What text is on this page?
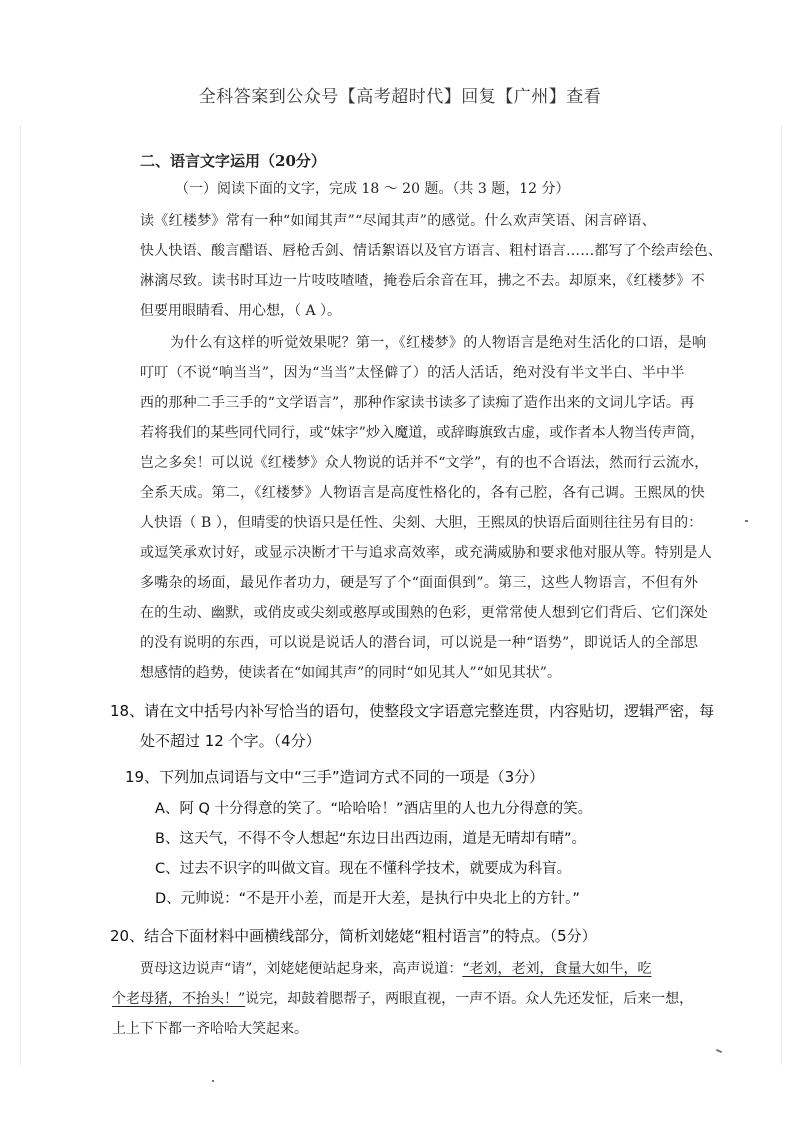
全科答案到公众号【高考超时代】回复【广州】查看
二、语言文字运用（20分）
（一）阅读下面的文字，完成 18 ～ 20 题。（共 3 题，12 分）
读《红楼梦》常有一种“如闻其声”“尽闻其声”的感觉。什么欢声笑语、闲言碎语、
快人快语、酸言醋语、唇枪舌剑、情话絮语以及官方语言、粗村语言……都写了个绘声绘色、
淋漓尽致。读书时耳边一片吱吱喳喳，掩卷后余音在耳，拂之不去。却原来，《红楼梦》不
但要用眼睛看、用心想，（ A ）。
为什么有这样的听觉效果呢？第一，《红楼梦》的人物语言是绝对生活化的口语，是响
叮叮（不说“响当当”，因为“当当”太怪僻了）的活人活话，绝对没有半文半白、半中半
西的那种二手三手的“文学语言”，那种作家读书读多了读痴了造作出来的文词儿字话。再
若将我们的某些同代同行，或“妹字”炒入魔道，或辞晦旗致古虚，或作者本人物当传声筒，
岂之多矣！可以说《红楼梦》众人物说的话并不“文学”，有的也不合语法，然而行云流水，
全系天成。第二，《红楼梦》人物语言是高度性格化的，各有己腔，各有己调。王熙凤的快
人快语（ B ），但晴雯的快语只是任性、尖刻、大胆，王熙凤的快语后面则往往另有目的：
或逗笑承欢讨好，或显示决断才干与追求高效率，或充满威胁和要求他对服从等。特别是人
多嘴杂的场面，最见作者功力，硬是写了个“面面俱到”。第三，这些人物语言，不但有外
在的生动、幽默，或俏皮或尖刻或憨厚或围熟的色彩，更常常使人想到它们背后、它们深处
的没有说明的东西，可以说是说话人的潜台词，可以说是一种“语势”，即说话人的全部思
想感情的趋势，使读者在“如闻其声”的同时“如见其人”“如见其状”。
18、请在文中括号内补写恰当的语句，使整段文字语意完整连贯，内容贴切，逻辑严密，每
处不超过 12 个字。（4分）
19、下列加点词语与文中“三手”造词方式不同的一项是（3分）
A、阿 Q 十分得意的笑了。“哈哈哈！”酒店里的人也九分得意的笑。
B、这天气，不得不令人想起“东边日出西边雨，道是无晴却有晴”。
C、过去不识字的叫做文盲。现在不懂科学技术，就要成为科盲。
D、元帅说：“不是开小差，而是开大差，是执行中央北上的方针。”
20、结合下面材料中画横线部分，简析刘姥姥“粗村语言”的特点。（5分）
贾母这边说声“请”，刘姥姥便站起身来，高声说道：“老刘，老刘，食量大如牛，吃
个老母猪，不抬头！”说完，却鼓着腮帮子，两眼直视，一声不语。众人先还发怔，后来一想，
上上下下都一齐哈哈大笑起来。
